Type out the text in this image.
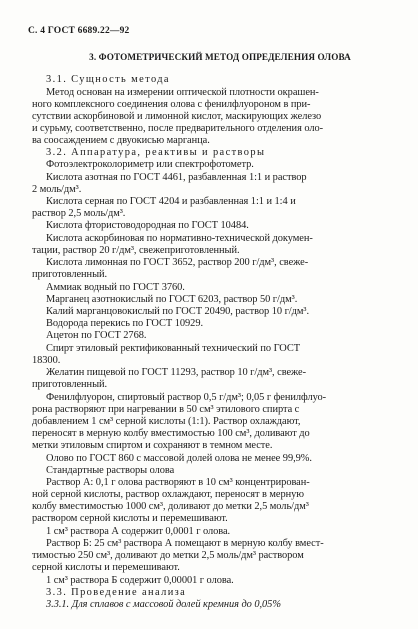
С. 4 ГОСТ 6689.22—92
3. ФОТОМЕТРИЧЕСКИЙ МЕТОД ОПРЕДЕЛЕНИЯ ОЛОВА
3.1. Сущность метода
Метод основан на измерении оптической плотности окрашен-
ного комплексного соединения олова с фенилфлуороном в при-
сутствии аскорбиновой и лимонной кислот, маскирующих железо
и сурьму, соответственно, после предварительного отделения оло-
ва соосаждением с двуокисью марганца.
3.2. Аппаратура, реактивы и растворы
Фотоэлектроколориметр или спектрофотометр.
Кислота азотная по ГОСТ 4461, разбавленная 1:1 и раствор
2 моль/дм³.
Кислота серная по ГОСТ 4204 и разбавленная 1:1 и 1:4 и
раствор 2,5 моль/дм³.
Кислота фтористоводородная по ГОСТ 10484.
Кислота аскорбиновая по нормативно-технической докумен-
тации, раствор 20 г/дм³, свежеприготовленный.
Кислота лимонная по ГОСТ 3652, раствор 200 г/дм³, свеже-
приготовленный.
Аммиак водный по ГОСТ 3760.
Марганец азотнокислый по ГОСТ 6203, раствор 50 г/дм³.
Калий марганцовокислый по ГОСТ 20490, раствор 10 г/дм³.
Водорода перекись по ГОСТ 10929.
Ацетон по ГОСТ 2768.
Спирт этиловый ректификованный технический по ГОСТ
18300.
Желатин пищевой по ГОСТ 11293, раствор 10 г/дм³, свеже-
приготовленный.
Фенилфлуорон, спиртовый раствор 0,5 г/дм³; 0,05 г фенилфлуо-
рона растворяют при нагревании в 50 см³ этилового спирта с
добавлением 1 см³ серной кислоты (1:1). Раствор охлаждают,
переносят в мерную колбу вместимостью 100 см³, доливают до
метки этиловым спиртом и сохраняют в темном месте.
Олово по ГОСТ 860 с массовой долей олова не менее 99,9%.
Стандартные растворы олова
Раствор А: 0,1 г олова растворяют в 10 см³ концентрирован-
ной серной кислоты, раствор охлаждают, переносят в мерную
колбу вместимостью 1000 см³, доливают до метки 2,5 моль/дм³
раствором серной кислоты и перемешивают.
1 см³ раствора А содержит 0,0001 г олова.
Раствор Б: 25 см³ раствора А помещают в мерную колбу вмест-
тимостью 250 см³, доливают до метки 2,5 моль/дм³ раствором
серной кислоты и перемешивают.
1 см³ раствора Б содержит 0,00001 г олова.
3.3. Проведение анализа
3.3.1. Для сплавов с массовой долей кремния до 0,05%
